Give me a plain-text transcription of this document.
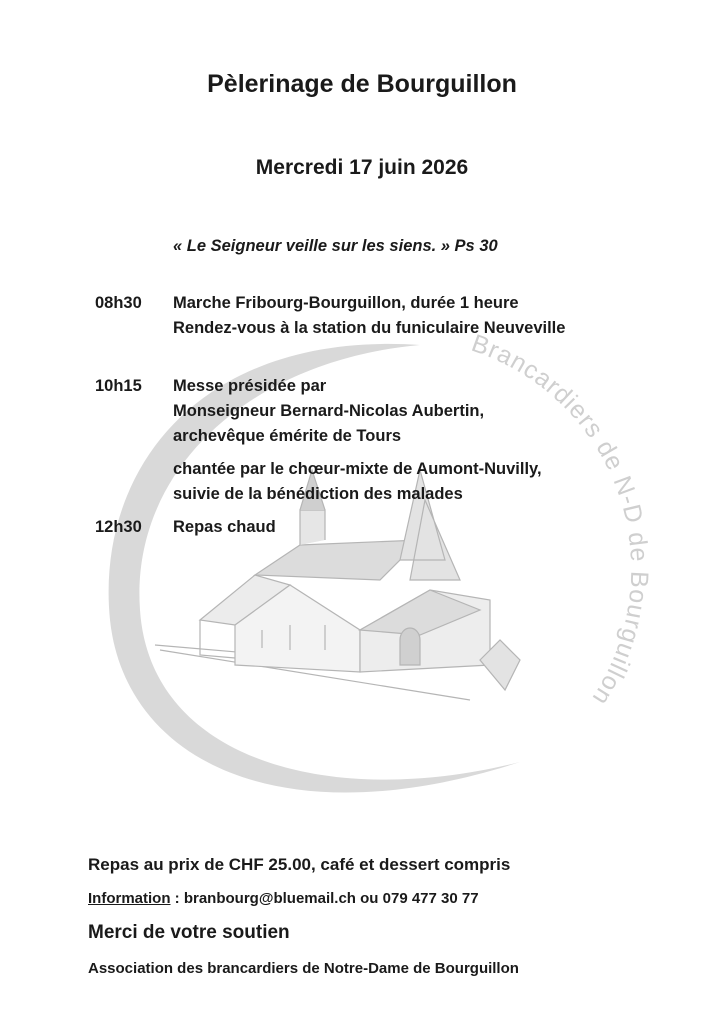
Brancardiers de N-D de Bourguillon
Pèlerinage de Bourguillon
Mercredi 17 juin 2026
« Le Seigneur veille sur les siens. » Ps 30
08h30 Marche Fribourg-Bourguillon, durée 1 heure
Rendez-vous à la station du funiculaire Neuveville
10h15 Messe présidée par
Monseigneur Bernard-Nicolas Aubertin,
archevêque émérite de Tours
chantée par le chœur-mixte de Aumont-Nuvilly,
suivie de la bénédiction des malades
12h30 Repas chaud
Repas au prix de CHF 25.00, café et dessert compris
Information : branbourg@bluemail.ch ou 079 477 30 77
Merci de votre soutien
Association des brancardiers de Notre-Dame de Bourguillon
